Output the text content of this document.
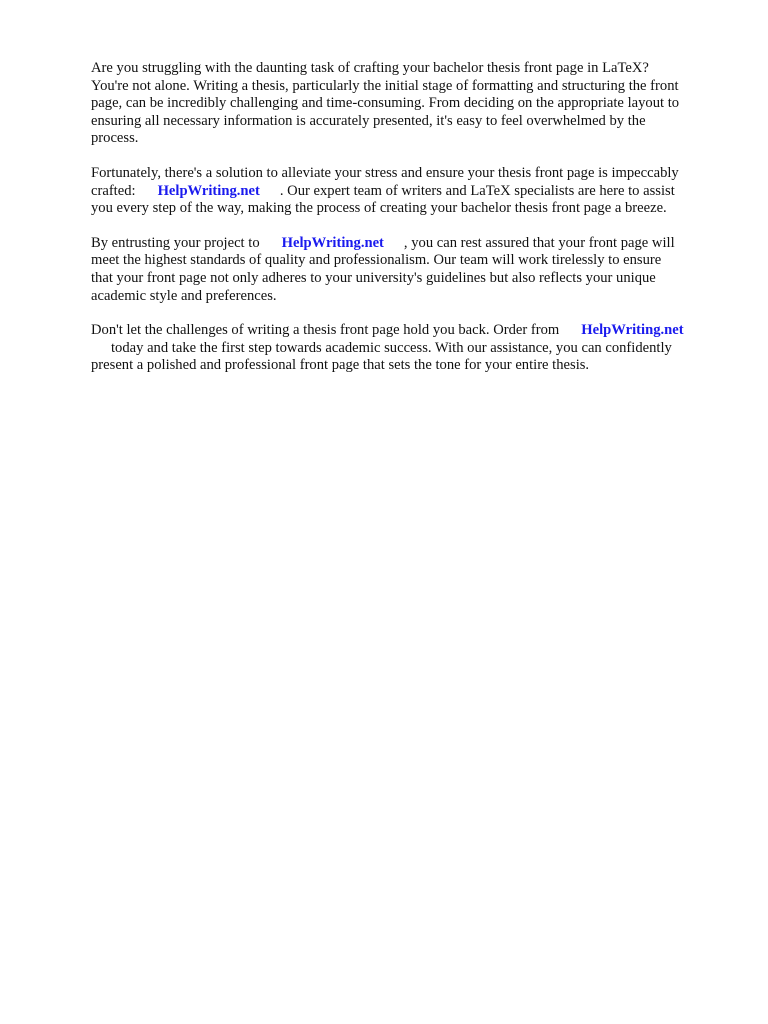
Are you struggling with the daunting task of crafting your bachelor thesis front page in LaTeX?
You're not alone. Writing a thesis, particularly the initial stage of formatting and structuring the front
page, can be incredibly challenging and time-consuming. From deciding on the appropriate layout to
ensuring all necessary information is accurately presented, it's easy to feel overwhelmed by the
process.

Fortunately, there's a solution to alleviate your stress and ensure your thesis front page is impeccably
crafted: HelpWriting.net . Our expert team of writers and LaTeX specialists are here to assist
you every step of the way, making the process of creating your bachelor thesis front page a breeze.

By entrusting your project to HelpWriting.net , you can rest assured that your front page will
meet the highest standards of quality and professionalism. Our team will work tirelessly to ensure
that your front page not only adheres to your university's guidelines but also reflects your unique
academic style and preferences.

Don't let the challenges of writing a thesis front page hold you back. Order from HelpWriting.net
today and take the first step towards academic success. With our assistance, you can confidently
present a polished and professional front page that sets the tone for your entire thesis.
